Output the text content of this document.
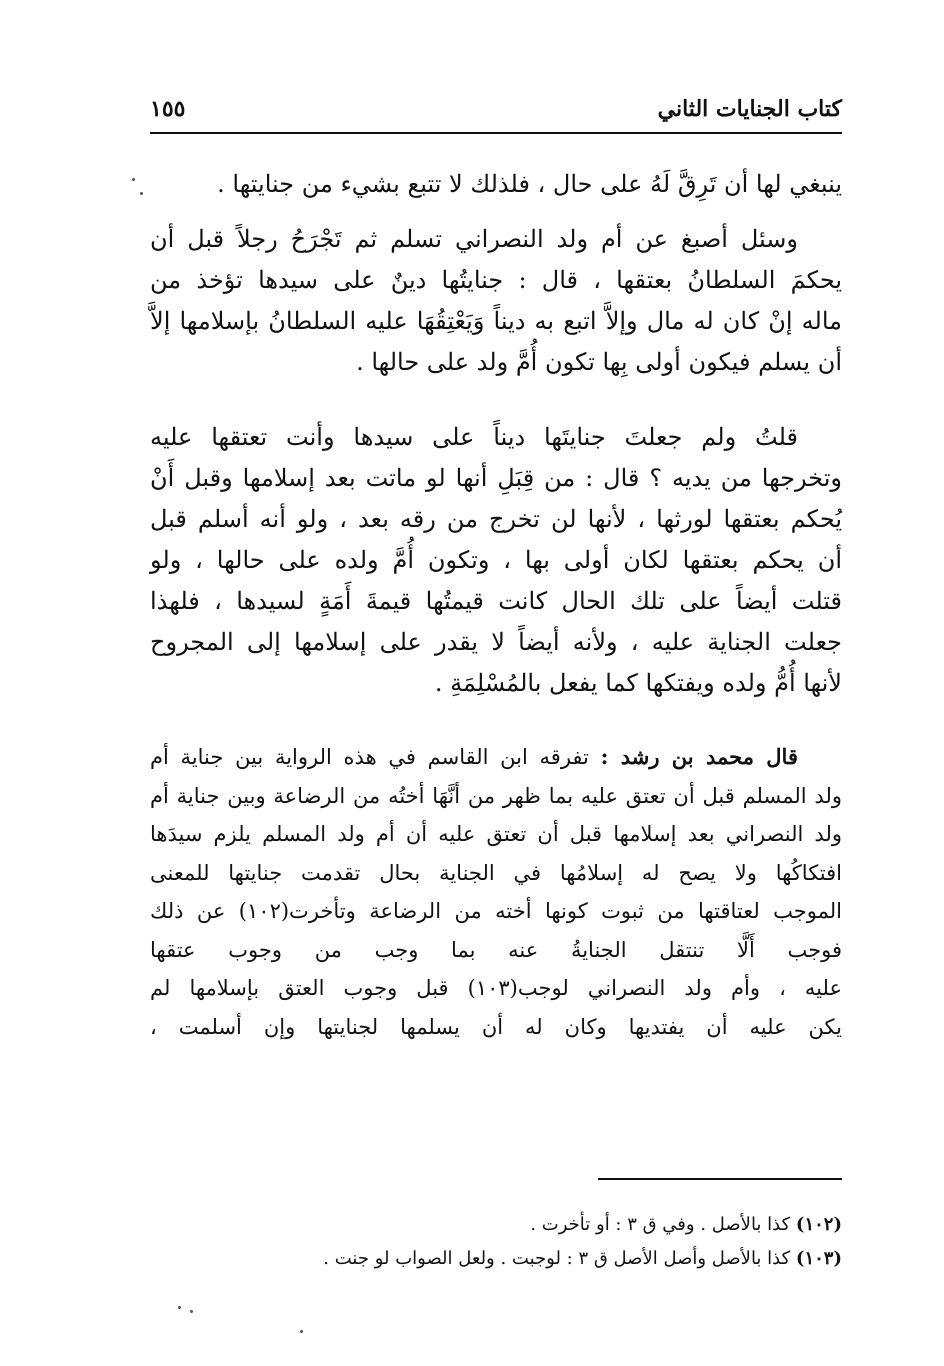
كتاب الجنايات الثاني
١٥٥

ينبغي لها أن تَرِقَّ لَهُ على حال ، فلذلك لا تتبع بشيء من جنايتها .

وسئل أصبغ عن أم ولد النصراني تسلم ثم تَجْرَحُ رجلاً قبل أن
يحكمَ السلطانُ بعتقها ، قال : جنايتُها دينٌ على سيدها تؤخذ من
ماله إنْ كان له مال وإلاَّ اتبع به ديناً وَيَعْتِقُهَا عليه السلطانُ بإسلامها إلاَّ
أن يسلم فيكون أولى بِها تكون أُمَّ ولد على حالها .

قلتُ ولم جعلتَ جنايتَها ديناً على سيدها وأنت تعتقها عليه
وتخرجها من يديه ؟ قال : من قِبَلِ أنها لو ماتت بعد إسلامها وقبل أَنْ
يُحكم بعتقها لورثها ، لأنها لن تخرج من رقه بعد ، ولو أنه أسلم قبل
أن يحكم بعتقها لكان أولى بها ، وتكون أُمَّ ولده على حالها ، ولو
قتلت أيضاً على تلك الحال كانت قيمتُها قيمةَ أَمَةٍ لسيدها ، فلهذا
جعلت الجناية عليه ، ولأنه أيضاً لا يقدر على إسلامها إلى المجروح
لأنها أُمُّ ولده ويفتكها كما يفعل بالمُسْلِمَةِ .

قال محمد بن رشد : تفرقه ابن القاسم في هذه الرواية بين جناية أم
ولد المسلم قبل أن تعتق عليه بما ظهر من أنَّهَا أختُه من الرضاعة وبين جناية أم
ولد النصراني بعد إسلامها قبل أن تعتق عليه أن أم ولد المسلم يلزم سيدَها
افتكاكُها ولا يصح له إسلامُها في الجناية بحال تقدمت جنايتها للمعنى
الموجب لعتاقتها من ثبوت كونها أخته من الرضاعة وتأخرت(١٠٢) عن ذلك
فوجب أَلَّا تنتقل الجنايةُ عنه بما وجب من وجوب عتقها
عليه ، وأم ولد النصراني لوجب(١٠٣) قبل وجوب العتق بإسلامها لم
يكن عليه أن يفتديها وكان له أن يسلمها لجنايتها وإن أسلمت ،

(١٠٢) كذا بالأصل . وفي ق ٣ : أو تأخرت .
(١٠٣) كذا بالأصل وأصل الأصل ق ٣ : لوجبت . ولعل الصواب لو جنت .
